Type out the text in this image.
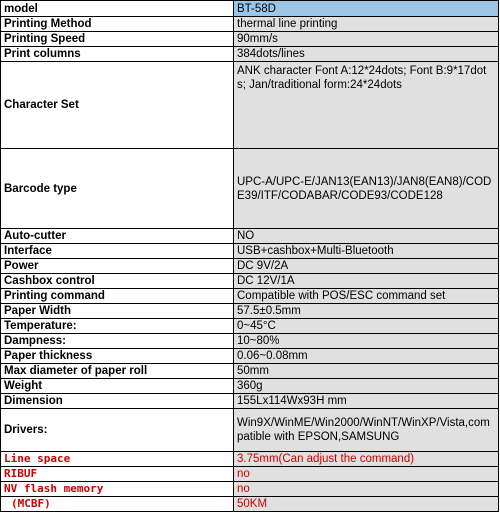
model	BT-58D
Printing Method	thermal line printing
Printing Speed	90mm/s
Print columns	384dots/lines
Character Set	ANK character Font A:12*24dots; Font B:9*17dots; Jan/traditional form:24*24dots
Barcode type	UPC-A/UPC-E/JAN13(EAN13)/JAN8(EAN8)/CODE39/ITF/CODABAR/CODE93/CODE128
Auto-cutter	NO
Interface	USB+cashbox+Multi-Bluetooth
Power	DC 9V/2A
Cashbox control	DC 12V/1A
Printing command	Compatible with POS/ESC command set
Paper Width	57.5±0.5mm
Temperature:	0~45°C
Dampness:	10~80%
Paper thickness	0.06~0.08mm
Max diameter of paper roll	50mm
Weight	360g
Dimension	155Lx114Wx93H mm
Drivers:	Win9X/WinME/Win2000/WinNT/WinXP/Vista,compatible with EPSON,SAMSUNG
Line space	3.75mm(Can adjust the command)
RIBUF	no
NV flash memory	no
(MCBF)	50KM
